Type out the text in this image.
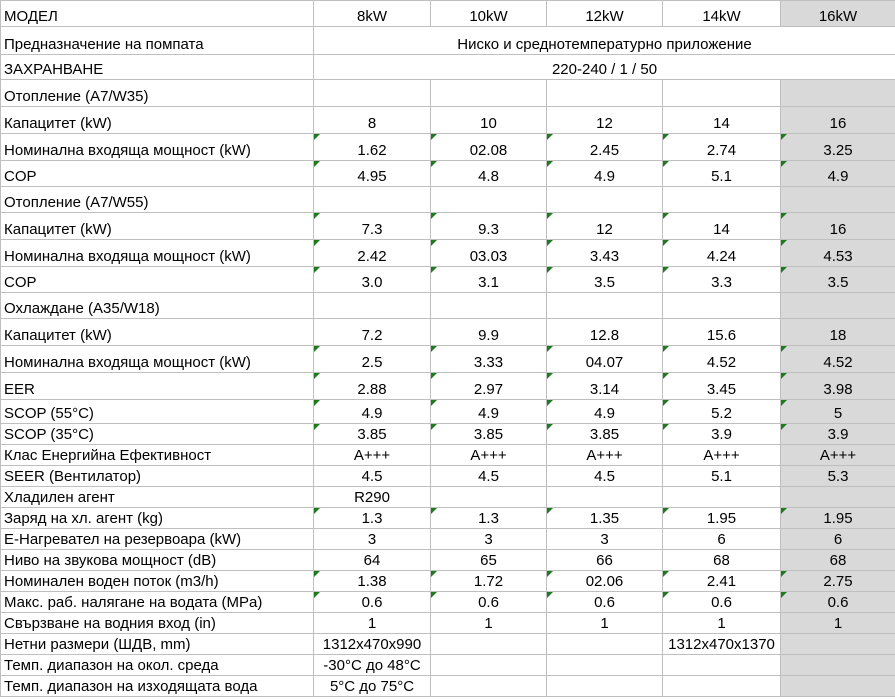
МОДЕЛ	8kW	10kW	12kW	14kW	16kW
Предназначение на помпата	Ниско и среднотемпературно приложение				
ЗАХРАНВАНЕ	220-240 / 1 / 50				
Отопление (A7/W35)					
Капацитет (kW)	8	10	12	14	16
Номинална входяща мощност (kW)	1.62	02.08	2.45	2.74	3.25
COP	4.95	4.8	4.9	5.1	4.9
Отопление (A7/W55)					
Капацитет (kW)	7.3	9.3	12	14	16
Номинална входяща мощност (kW)	2.42	03.03	3.43	4.24	4.53
COP	3.0	3.1	3.5	3.3	3.5
Охлаждане (A35/W18)					
Капацитет (kW)	7.2	9.9	12.8	15.6	18
Номинална входяща мощност (kW)	2.5	3.33	04.07	4.52	4.52
EER	2.88	2.97	3.14	3.45	3.98
SCOP (55°C)	4.9	4.9	4.9	5.2	5
SCOP (35°C)	3.85	3.85	3.85	3.9	3.9
Клас Енергийна Ефективност	A+++	A+++	A+++	A+++	A+++
SEER (Вентилатор)	4.5	4.5	4.5	5.1	5.3
Хладилен агент	R290				
Заряд на хл. агент (kg)	1.3	1.3	1.35	1.95	1.95
Е-Нагревател на резервоара (kW)	3	3	3	6	6
Ниво на звукова мощност (dB)	64	65	66	68	68
Номинален воден поток (m3/h)	1.38	1.72	02.06	2.41	2.75
Макс. раб. налягане на водата (MPa)	0.6	0.6	0.6	0.6	0.6
Свързване на водния вход (in)	1	1	1	1	1
Нетни размери (ШДВ, mm)	1312x470x990			1312x470x1370	
Темп. диапазон на окол. среда	-30°C до 48°C				
Темп. диапазон на изходящата вода	5°C до 75°C				
